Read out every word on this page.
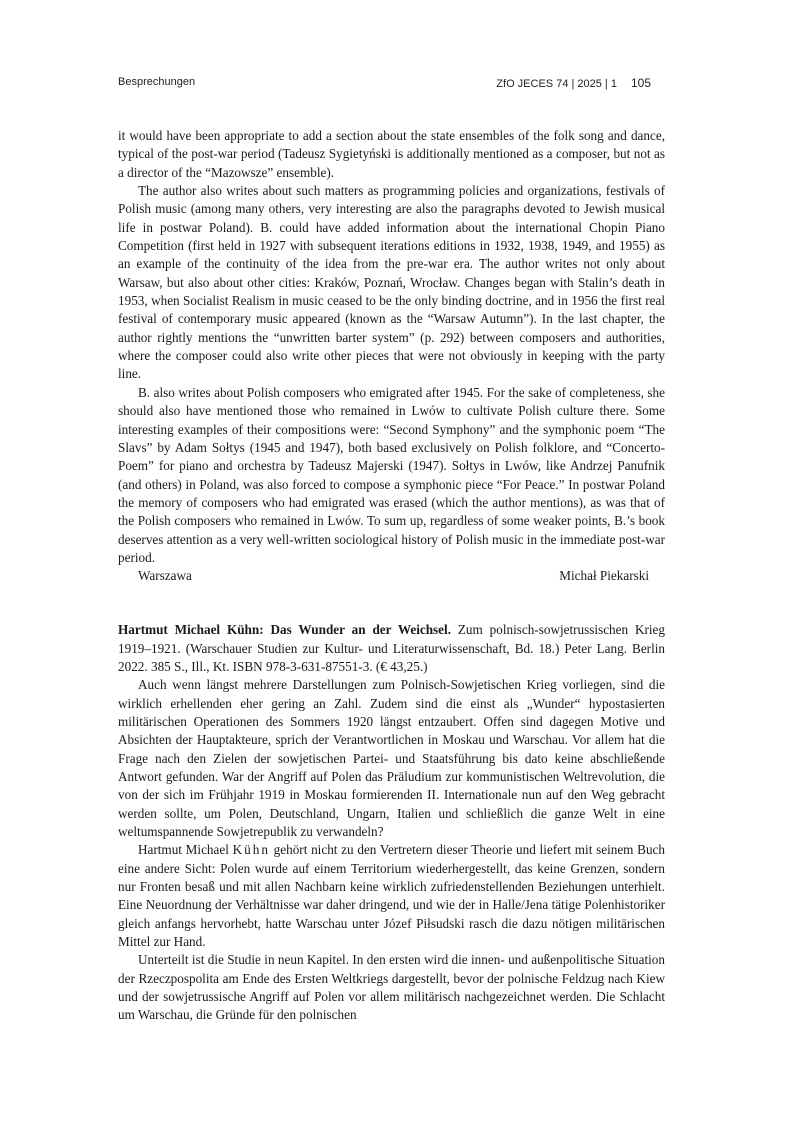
Besprechungen	ZfO JECES 74 | 2025 | 1 105

it would have been appropriate to add a section about the state ensembles of the folk song and dance, typical of the post-war period (Tadeusz Sygietyński is additionally mentioned as a composer, but not as a director of the “Mazowsze” ensemble).

The author also writes about such matters as programming policies and organizations, festivals of Polish music (among many others, very interesting are also the paragraphs devoted to Jewish musical life in postwar Poland). B. could have added information about the international Chopin Piano Competition (first held in 1927 with subsequent iterations editions in 1932, 1938, 1949, and 1955) as an example of the continuity of the idea from the pre-war era. The author writes not only about Warsaw, but also about other cities: Kraków, Poznań, Wrocław. Changes began with Stalin’s death in 1953, when Socialist Realism in music ceased to be the only binding doctrine, and in 1956 the first real festival of contemporary music appeared (known as the “Warsaw Autumn”). In the last chapter, the author rightly mentions the “unwritten barter system” (p. 292) between composers and authorities, where the composer could also write other pieces that were not obviously in keeping with the party line.

B. also writes about Polish composers who emigrated after 1945. For the sake of completeness, she should also have mentioned those who remained in Lwów to cultivate Polish culture there. Some interesting examples of their compositions were: “Second Symphony” and the symphonic poem “The Slavs” by Adam Sołtys (1945 and 1947), both based exclusively on Polish folklore, and “Concerto-Poem” for piano and orchestra by Tadeusz Majerski (1947). Sołtys in Lwów, like Andrzej Panufnik (and others) in Poland, was also forced to compose a symphonic piece “For Peace.” In postwar Poland the memory of composers who had emigrated was erased (which the author mentions), as was that of the Polish composers who remained in Lwów. To sum up, regardless of some weaker points, B.’s book deserves attention as a very well-written sociological history of Polish music in the immediate post-war period.

Warszawa	Michał Piekarski

Hartmut Michael Kühn: Das Wunder an der Weichsel. Zum polnisch-sowjetrussischen Krieg 1919–1921. (Warschauer Studien zur Kultur- und Literaturwissenschaft, Bd. 18.) Peter Lang. Berlin 2022. 385 S., Ill., Kt. ISBN 978-3-631-87551-3. (€ 43,25.)

Auch wenn längst mehrere Darstellungen zum Polnisch-Sowjetischen Krieg vorliegen, sind die wirklich erhellenden eher gering an Zahl. Zudem sind die einst als „Wunder“ hypostasierten militärischen Operationen des Sommers 1920 längst entzaubert. Offen sind dagegen Motive und Absichten der Hauptakteure, sprich der Verantwortlichen in Moskau und Warschau. Vor allem hat die Frage nach den Zielen der sowjetischen Partei- und Staatsführung bis dato keine abschließende Antwort gefunden. War der Angriff auf Polen das Präludium zur kommunistischen Weltrevolution, die von der sich im Frühjahr 1919 in Moskau formierenden II. Internationale nun auf den Weg gebracht werden sollte, um Polen, Deutschland, Ungarn, Italien und schließlich die ganze Welt in eine weltumspannende Sowjetrepublik zu verwandeln?

Hartmut Michael Kühn gehört nicht zu den Vertretern dieser Theorie und liefert mit seinem Buch eine andere Sicht: Polen wurde auf einem Territorium wiederhergestellt, das keine Grenzen, sondern nur Fronten besaß und mit allen Nachbarn keine wirklich zufriedenstellenden Beziehungen unterhielt. Eine Neuordnung der Verhältnisse war daher dringend, und wie der in Halle/Jena tätige Polenhistoriker gleich anfangs hervorhebt, hatte Warschau unter Józef Piłsudski rasch die dazu nötigen militärischen Mittel zur Hand.

Unterteilt ist die Studie in neun Kapitel. In den ersten wird die innen- und außenpolitische Situation der Rzeczpospolita am Ende des Ersten Weltkriegs dargestellt, bevor der polnische Feldzug nach Kiew und der sowjetrussische Angriff auf Polen vor allem militärisch nachgezeichnet werden. Die Schlacht um Warschau, die Gründe für den polnischen
